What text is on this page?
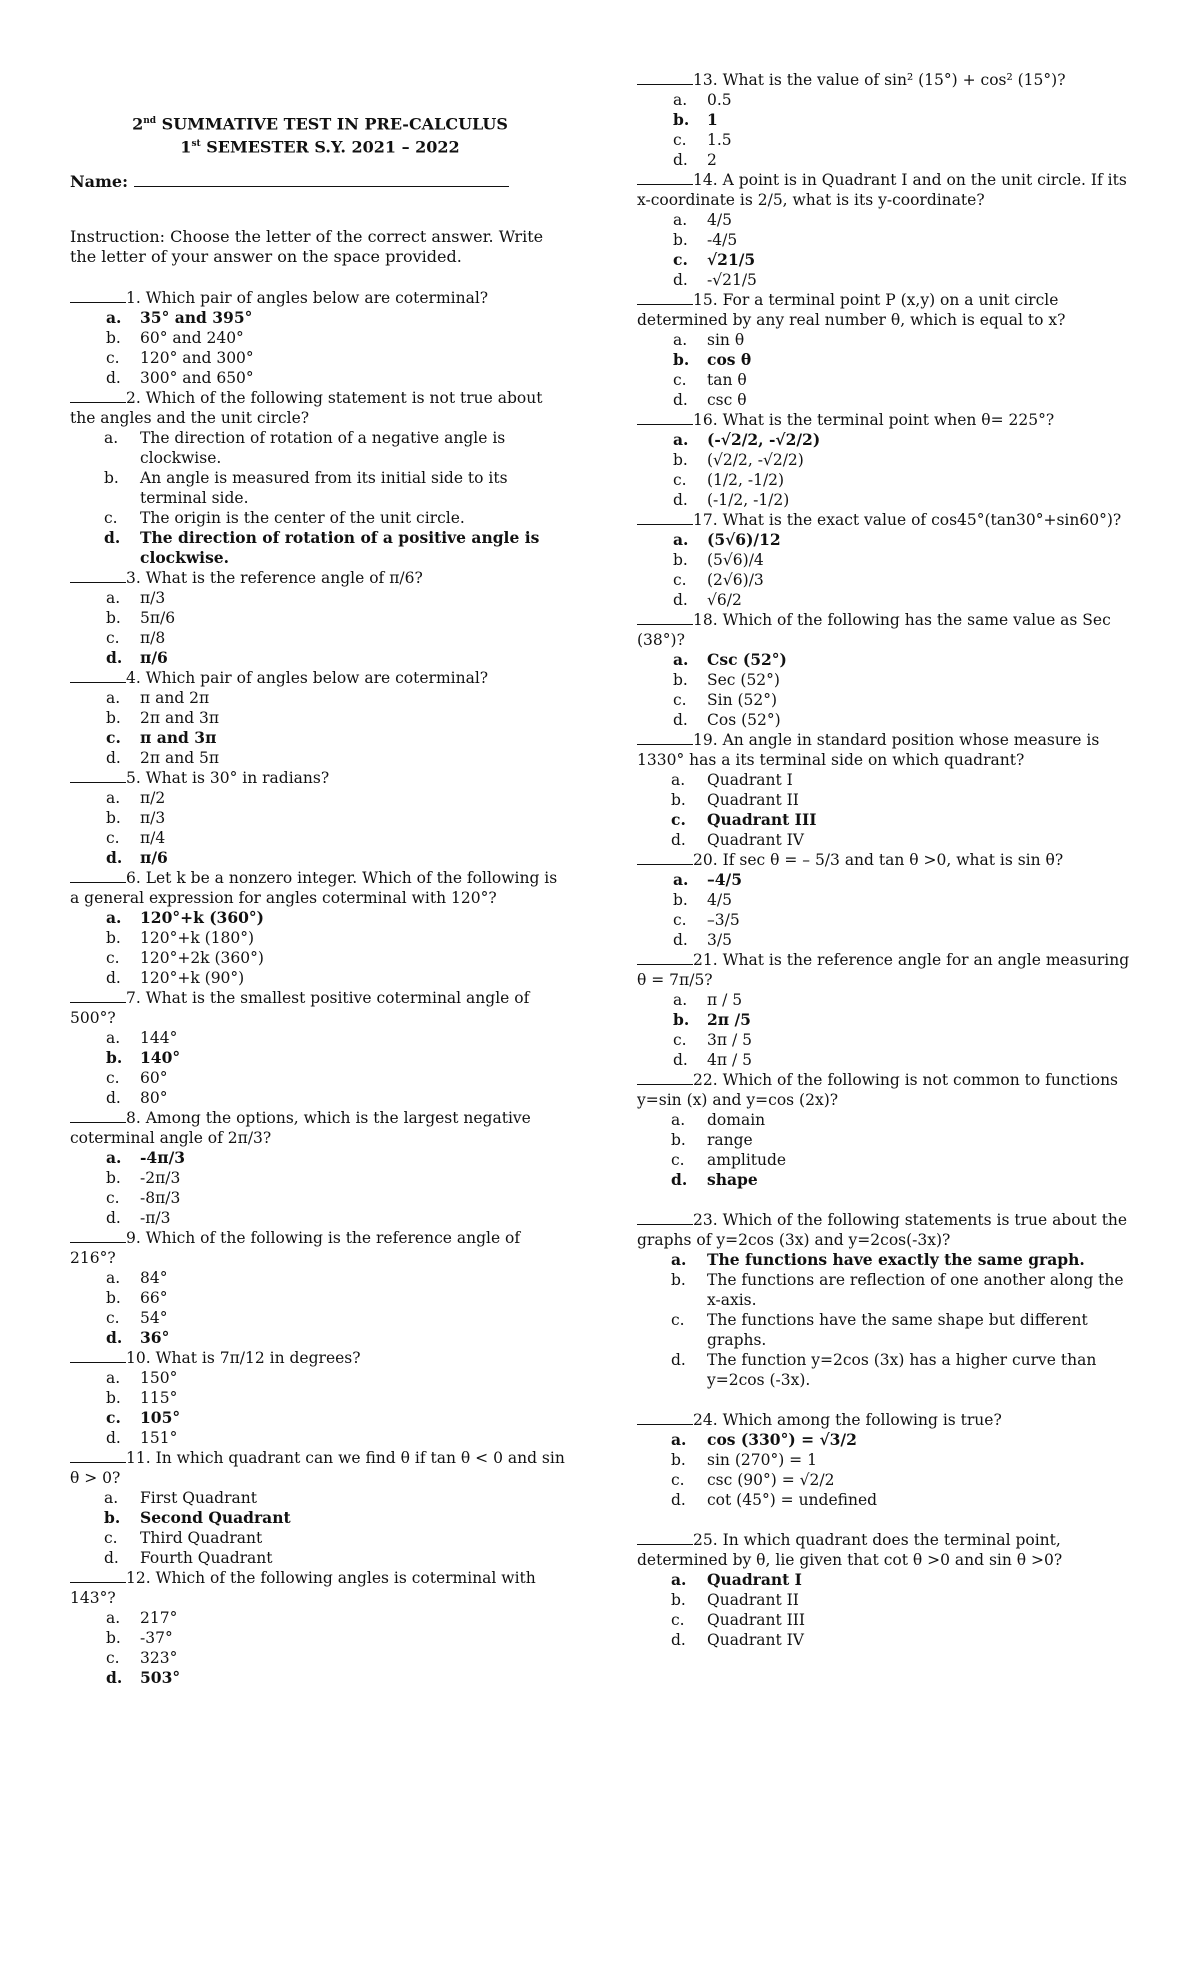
2nd SUMMATIVE TEST IN PRE-CALCULUS
1st SEMESTER S.Y. 2021 – 2022
Name:
Instruction: Choose the letter of the correct answer. Write the letter of your answer on the space provided.
1. Which pair of angles below are coterminal?
a.	35° and 395°
b.	60° and 240°
c.	120° and 300°
d.	300° and 650°
2. Which of the following statement is not true about the angles and the unit circle?
a.	The direction of rotation of a negative angle is clockwise.
b.	An angle is measured from its initial side to its terminal side.
c.	The origin is the center of the unit circle.
d.	The direction of rotation of a positive angle is clockwise.
3. What is the reference angle of π/6?
a.	π/3
b.	5π/6
c.	π/8
d.	π/6
4. Which pair of angles below are coterminal?
a.	π and 2π
b.	2π and 3π
c.	π and 3π
d.	2π and 5π
5. What is 30° in radians?
a.	π/2
b.	π/3
c.	π/4
d.	π/6
6. Let k be a nonzero integer. Which of the following is a general expression for angles coterminal with 120°?
a.	120°+k (360°)
b.	120°+k (180°)
c.	120°+2k (360°)
d.	120°+k (90°)
7. What is the smallest positive coterminal angle of 500°?
a.	144°
b.	140°
c.	60°
d.	80°
8. Among the options, which is the largest negative coterminal angle of 2π/3?
a.	-4π/3
b.	-2π/3
c.	-8π/3
d.	-π/3
9. Which of the following is the reference angle of 216°?
a.	84°
b.	66°
c.	54°
d.	36°
10. What is 7π/12 in degrees?
a.	150°
b.	115°
c.	105°
d.	151°
11. In which quadrant can we find θ if tan θ < 0 and sin θ > 0?
a.	First Quadrant
b.	Second Quadrant
c.	Third Quadrant
d.	Fourth Quadrant
12. Which of the following angles is coterminal with 143°?
a.	217°
b.	-37°
c.	323°
d.	503°
13. What is the value of sin² (15°) + cos² (15°)?
a.	0.5
b.	1
c.	1.5
d.	2
14. A point is in Quadrant I and on the unit circle. If its x-coordinate is 2/5, what is its y-coordinate?
a.	4/5
b.	-4/5
c.	√21/5
d.	-√21/5
15. For a terminal point P (x,y) on a unit circle determined by any real number θ, which is equal to x?
a.	sin θ
b.	cos θ
c.	tan θ
d.	csc θ
16. What is the terminal point when θ= 225°?
a.	(-√2/2, -√2/2)
b.	(√2/2, -√2/2)
c.	(1/2, -1/2)
d.	(-1/2, -1/2)
17. What is the exact value of cos45°(tan30°+sin60°)?
a.	(5√6)/12
b.	(5√6)/4
c.	(2√6)/3
d.	√6/2
18. Which of the following has the same value as Sec (38°)?
a.	Csc (52°)
b.	Sec (52°)
c.	Sin (52°)
d.	Cos (52°)
19. An angle in standard position whose measure is 1330° has a its terminal side on which quadrant?
a.	Quadrant I
b.	Quadrant II
c.	Quadrant III
d.	Quadrant IV
20. If sec θ = – 5/3 and tan θ >0, what is sin θ?
a.	–4/5
b.	4/5
c.	–3/5
d.	3/5
21. What is the reference angle for an angle measuring θ = 7π/5?
a.	π / 5
b.	2π /5
c.	3π / 5
d.	4π / 5
22. Which of the following is not common to functions y=sin (x) and y=cos (2x)?
a.	domain
b.	range
c.	amplitude
d.	shape
23. Which of the following statements is true about the graphs of y=2cos (3x) and y=2cos(-3x)?
a.	The functions have exactly the same graph.
b.	The functions are reflection of one another along the x-axis.
c.	The functions have the same shape but different graphs.
d.	The function y=2cos (3x) has a higher curve than y=2cos (-3x).
24. Which among the following is true?
a.	cos (330°) = √3/2
b.	sin (270°) = 1
c.	csc (90°) = √2/2
d.	cot (45°) = undefined
25. In which quadrant does the terminal point, determined by θ, lie given that cot θ >0 and sin θ >0?
a.	Quadrant I
b.	Quadrant II
c.	Quadrant III
d.	Quadrant IV
